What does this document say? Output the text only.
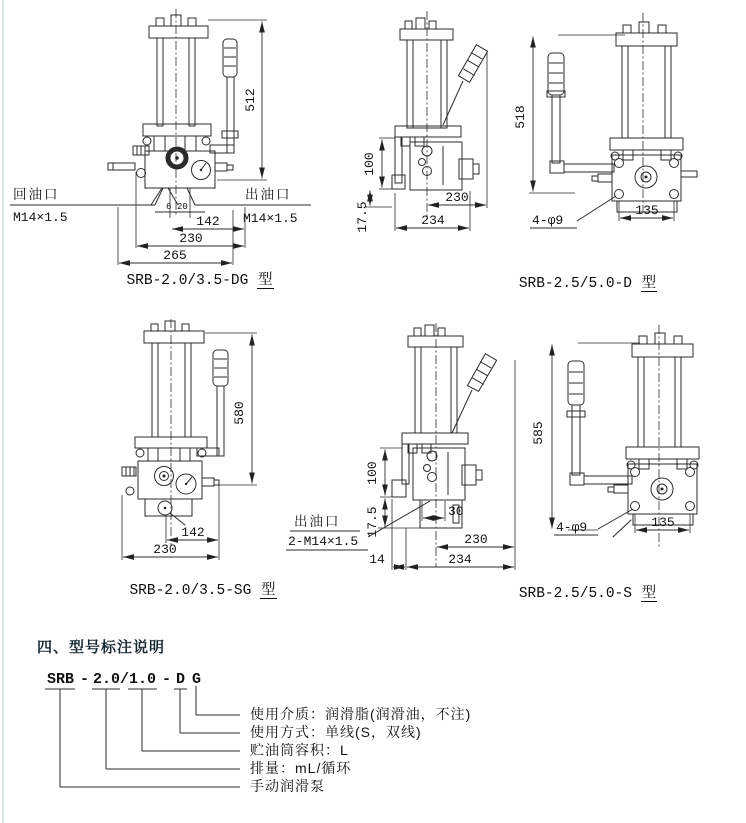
512
回油口
M14×1.5
出油口
M14×1.5
6 20
142
230
265
SRB-2.0/3.5-DG 型
100
17.5
230
234
518
4-φ9
135
SRB-2.5/5.0-D 型
580
142
230
SRB-2.0/3.5-SG 型
100
17.5	30
出油口
2-M14×1.5	230
14	234
585
4-φ9	135
SRB-2.5/5.0-S 型
四、型号标注说明
SRB - 2.0/1.0 - D G
使用介质：润滑脂(润滑油，不注)
使用方式：单线(S，双线)
贮油筒容积：L
排量：mL/循环
手动润滑泵
